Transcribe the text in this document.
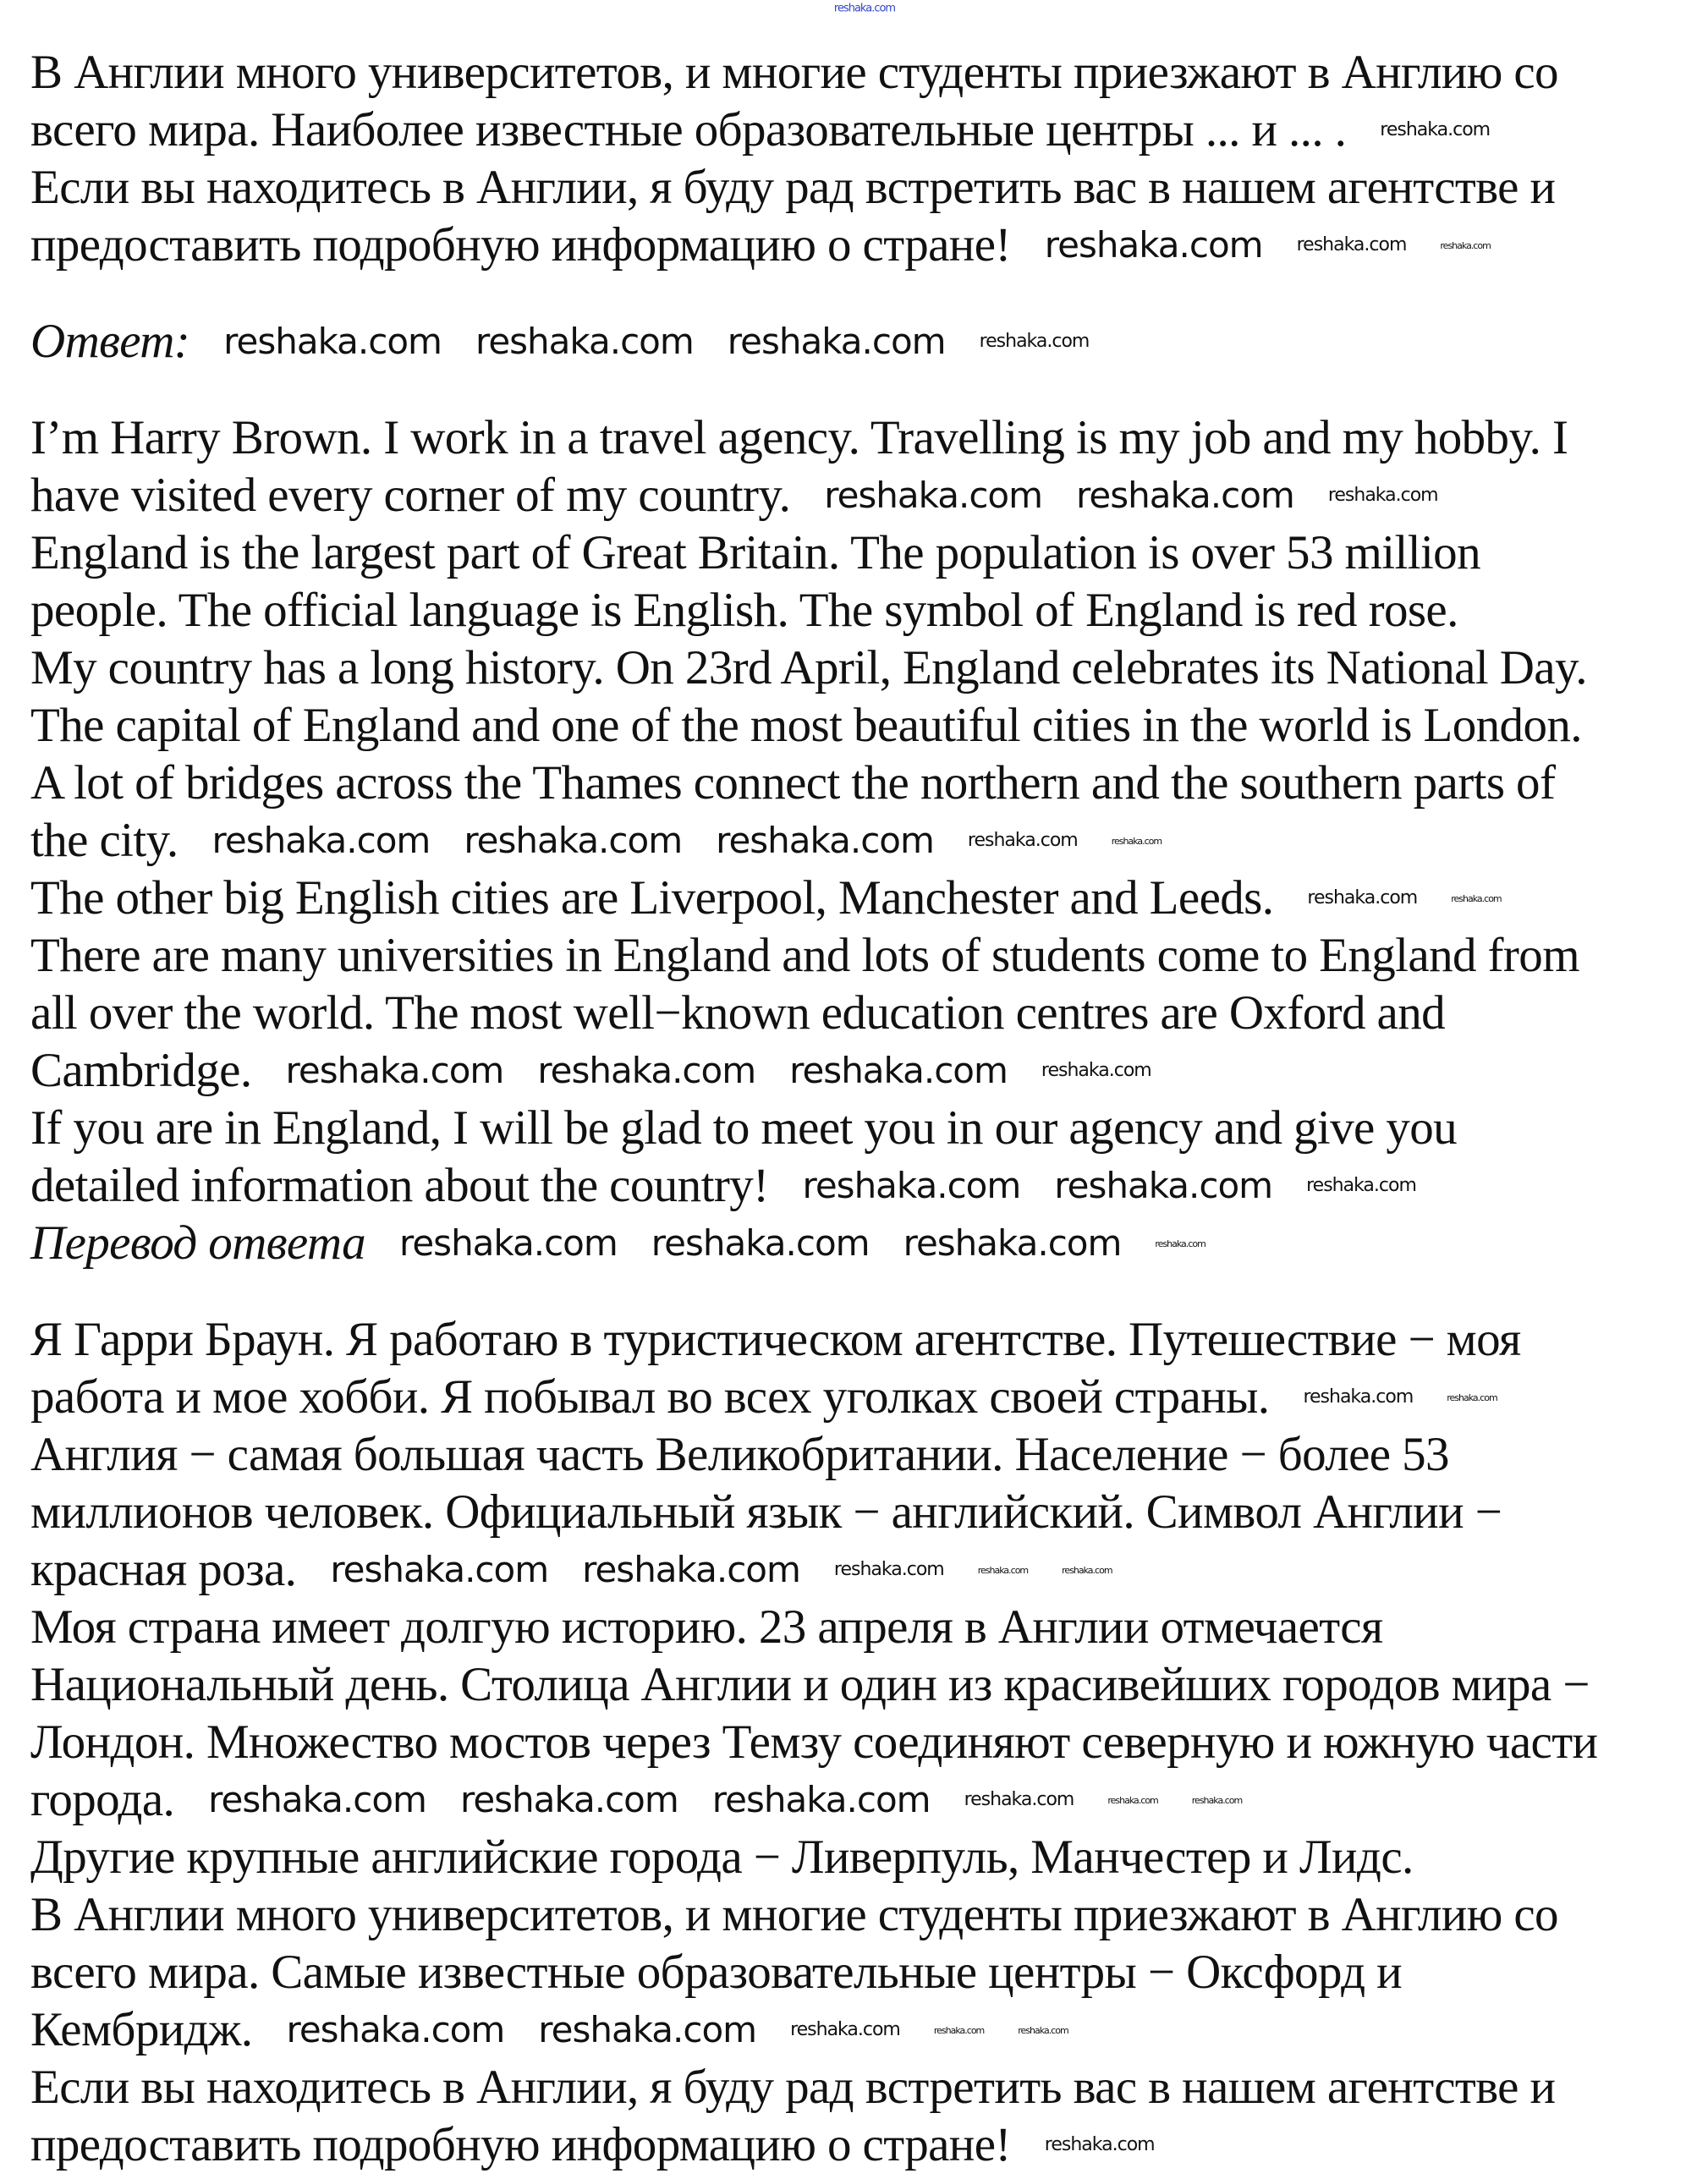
reshaka.com
В Англии много университетов, и многие студенты приезжают в Англию со
всего мира. Наиболее известные образовательные центры ... и ... . reshaka.com
Если вы находитесь в Англии, я буду рад встретить вас в нашем агентстве и
предоставить подробную информацию о стране! reshaka.com reshaka.com	reshaka.com
Ответ: reshaka.com reshaka.com reshaka.com reshaka.com
I’m Harry Brown. I work in a travel agency. Travelling is my job and my hobby. I
have visited every corner of my country. reshaka.com reshaka.com reshaka.com
England is the largest part of Great Britain. The population is over 53 million
people. The official language is English. The symbol of England is red rose.
My country has a long history. On 23rd April, England celebrates its National Day.
The capital of England and one of the most beautiful cities in the world is London.
A lot of bridges across the Thames connect the northern and the southern parts of
the city. reshaka.com reshaka.com reshaka.com reshaka.com	reshaka.com
The other big English cities are Liverpool, Manchester and Leeds. reshaka.com	reshaka.com
There are many universities in England and lots of students come to England from
all over the world. The most well−known education centres are Oxford and
Cambridge. reshaka.com reshaka.com reshaka.com reshaka.com
If you are in England, I will be glad to meet you in our agency and give you
detailed information about the country! reshaka.com reshaka.com reshaka.com
Перевод ответа reshaka.com reshaka.com reshaka.com	reshaka.com
Я Гарри Браун. Я работаю в туристическом агентстве. Путешествие − моя
работа и мое хобби. Я побывал во всех уголках своей страны. reshaka.com	reshaka.com
Англия − самая большая часть Великобритании. Население − более 53
миллионов человек. Официальный язык − английский. Символ Англии −
красная роза. reshaka.com reshaka.com reshaka.com	reshaka.com	reshaka.com
Моя страна имеет долгую историю. 23 апреля в Англии отмечается
Национальный день. Столица Англии и один из красивейших городов мира −
Лондон. Множество мостов через Темзу соединяют северную и южную части
города. reshaka.com reshaka.com reshaka.com reshaka.com	reshaka.com	reshaka.com
Другие крупные английские города − Ливерпуль, Манчестер и Лидс.
В Англии много университетов, и многие студенты приезжают в Англию со
всего мира. Самые известные образовательные центры − Оксфорд и
Кембридж. reshaka.com reshaka.com reshaka.com	reshaka.com	reshaka.com
Если вы находитесь в Англии, я буду рад встретить вас в нашем агентстве и
предоставить подробную информацию о стране! reshaka.com
